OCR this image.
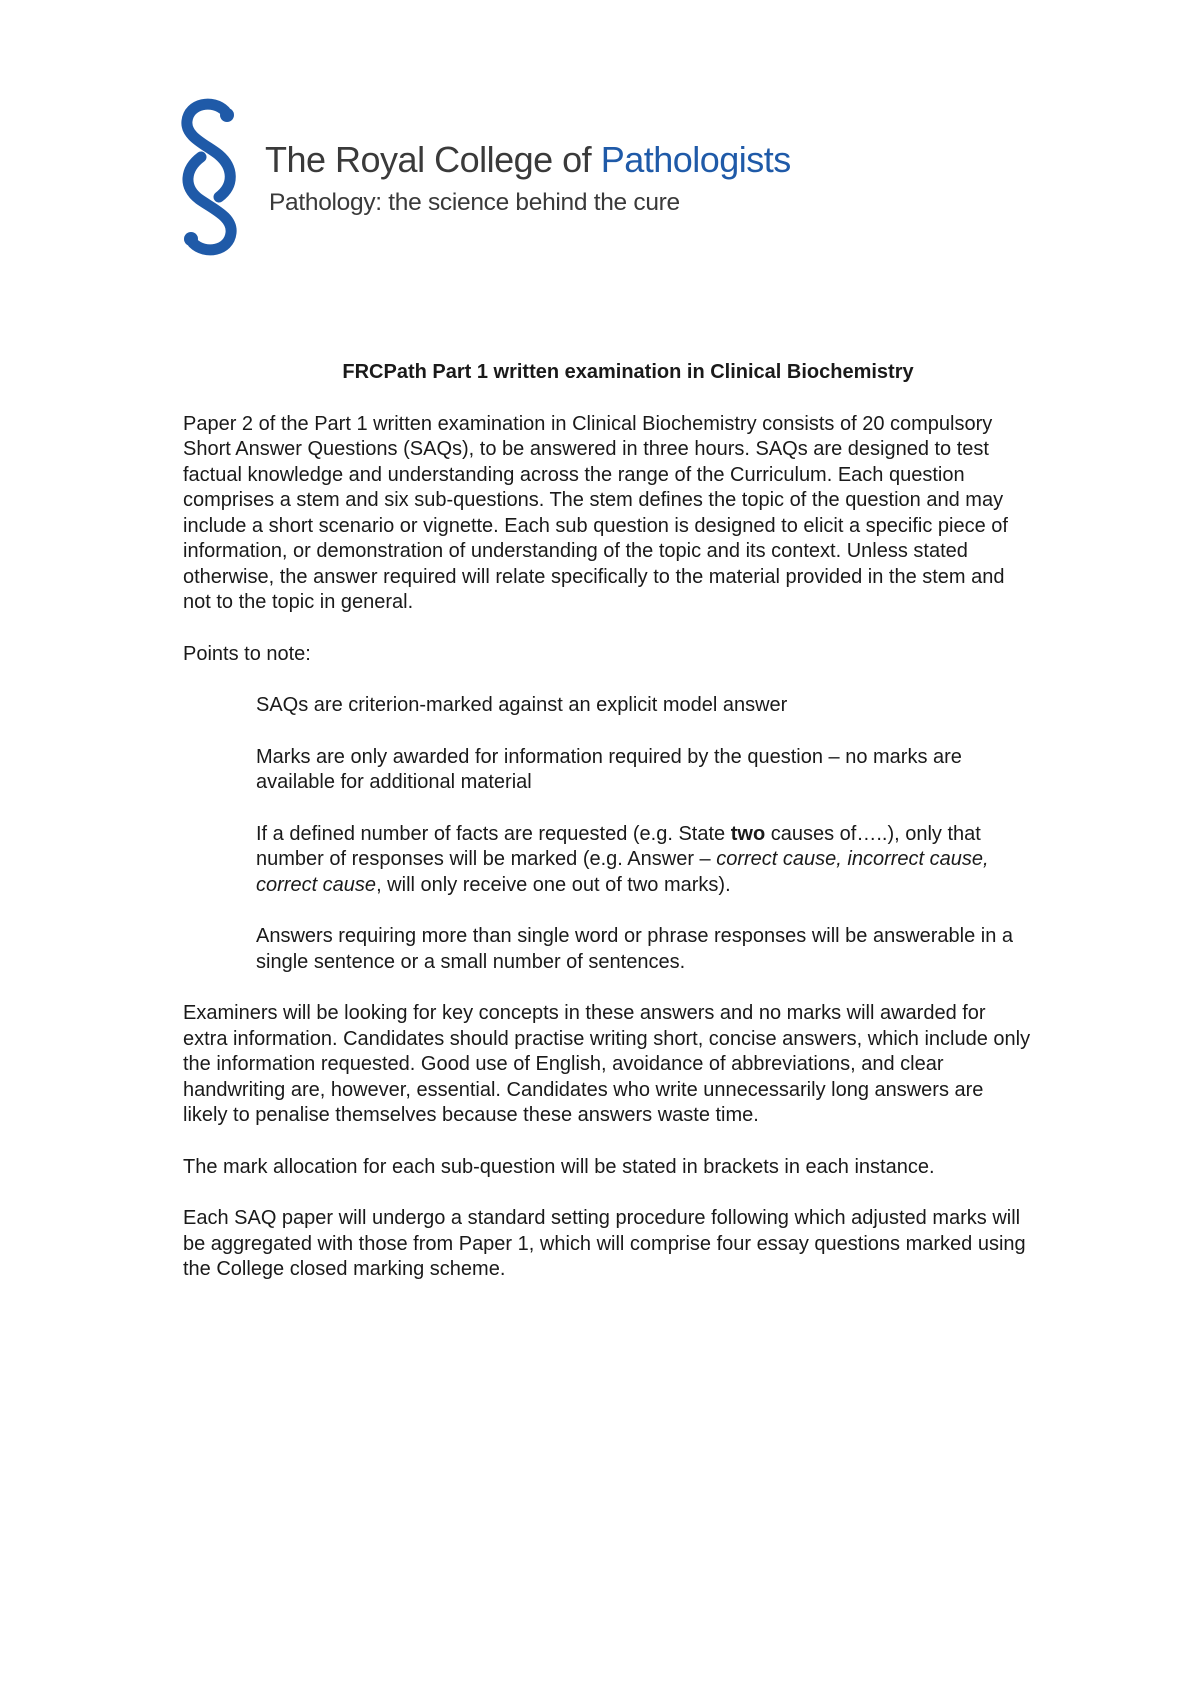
The Royal College of Pathologists
Pathology: the science behind the cure

FRCPath Part 1 written examination in Clinical Biochemistry

Paper 2 of the Part 1 written examination in Clinical Biochemistry consists of 20 compulsory Short Answer Questions (SAQs), to be answered in three hours. SAQs are designed to test factual knowledge and understanding across the range of the Curriculum. Each question comprises a stem and six sub-questions. The stem defines the topic of the question and may include a short scenario or vignette. Each sub question is designed to elicit a specific piece of information, or demonstration of understanding of the topic and its context. Unless stated otherwise, the answer required will relate specifically to the material provided in the stem and not to the topic in general.

Points to note:

SAQs are criterion-marked against an explicit model answer

Marks are only awarded for information required by the question – no marks are available for additional material

If a defined number of facts are requested (e.g. State two causes of…..), only that number of responses will be marked (e.g. Answer – correct cause, incorrect cause, correct cause, will only receive one out of two marks).

Answers requiring more than single word or phrase responses will be answerable in a single sentence or a small number of sentences.

Examiners will be looking for key concepts in these answers and no marks will awarded for extra information. Candidates should practise writing short, concise answers, which include only the information requested. Good use of English, avoidance of abbreviations, and clear handwriting are, however, essential. Candidates who write unnecessarily long answers are likely to penalise themselves because these answers waste time.

The mark allocation for each sub-question will be stated in brackets in each instance.

Each SAQ paper will undergo a standard setting procedure following which adjusted marks will be aggregated with those from Paper 1, which will comprise four essay questions marked using the College closed marking scheme.
